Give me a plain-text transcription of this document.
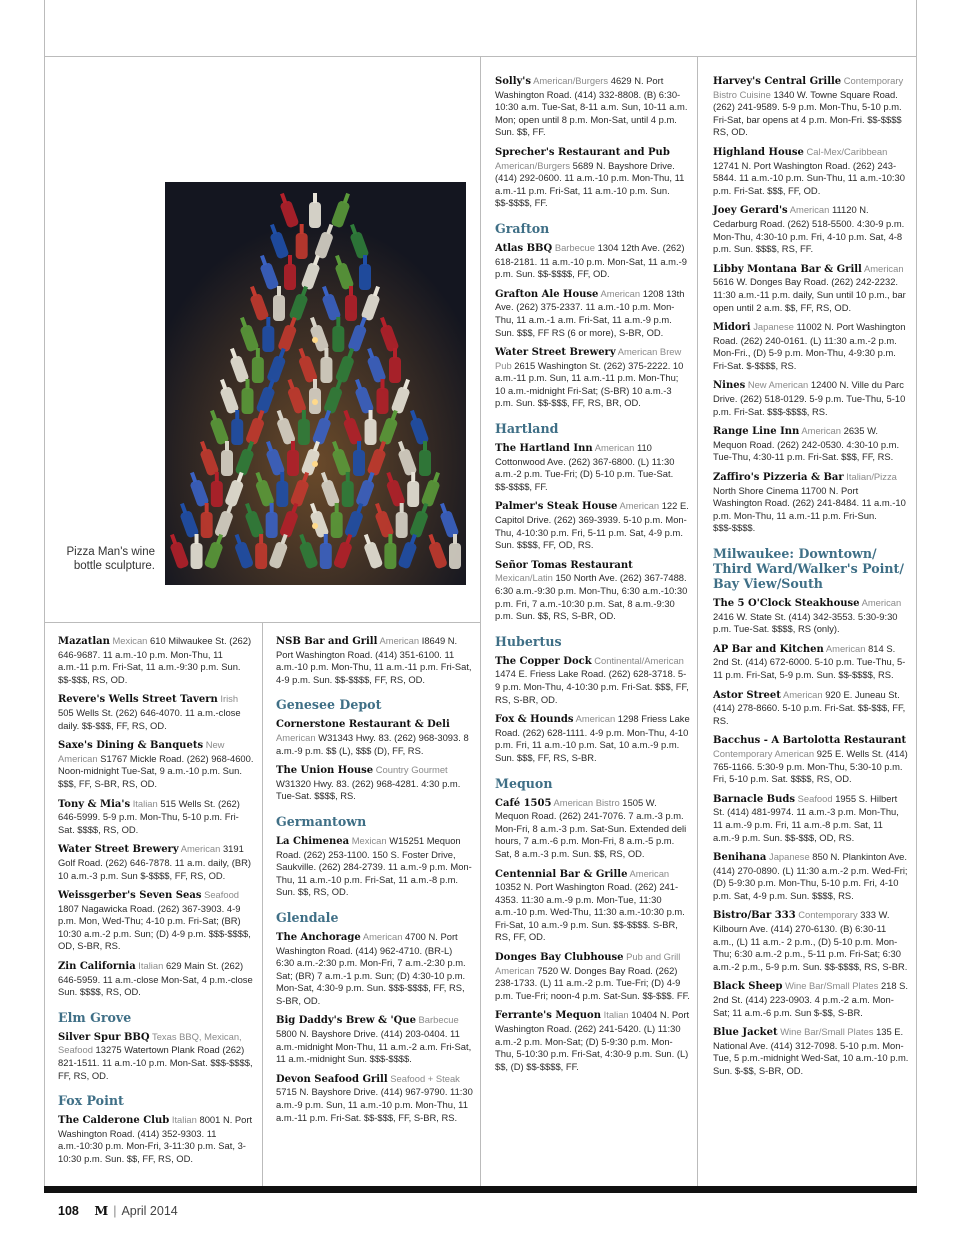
Pizza Man's wine bottle sculpture.
Mazatlan Mexican 610 Milwaukee St. (262) 646-9687. 11 a.m.-10 p.m. Mon-Thu, 11 a.m.-11 p.m. Fri-Sat, 11 a.m.-9:30 p.m. Sun. $$-$$$, RS, OD.
Revere's Wells Street Tavern Irish 505 Wells St. (262) 646-4070. 11 a.m.-close daily. $$-$$$, FF, RS, OD.
Saxe's Dining & Banquets New American S1767 Mickle Road. (262) 968-4600. Noon-midnight Tue-Sat, 9 a.m.-10 p.m. Sun. $$$, FF, S-BR, RS, OD.
Tony & Mia's Italian 515 Wells St. (262) 646-5999. 5-9 p.m. Mon-Thu, 5-10 p.m. Fri-Sat. $$$$, RS, OD.
Water Street Brewery American 3191 Golf Road. (262) 646-7878. 11 a.m. daily, (BR) 10 a.m.-3 p.m. Sun $-$$$$, FF, RS, OD.
Weissgerber's Seven Seas Seafood 1807 Nagawicka Road. (262) 367-3903. 4-9 p.m. Mon, Wed-Thu; 4-10 p.m. Fri-Sat; (BR) 10:30 a.m.-2 p.m. Sun; (D) 4-9 p.m. $$$-$$$$, OD, S-BR, RS.
Zin California Italian 629 Main St. (262) 646-5959. 11 a.m.-close Mon-Sat, 4 p.m.-close Sun. $$$$, RS, OD.
Elm Grove
Silver Spur BBQ Texas BBQ, Mexican, Seafood 13275 Watertown Plank Road (262) 821-1511. 11 a.m.-10 p.m. Mon-Sat. $$$-$$$$, FF, RS, OD.
Fox Point
The Calderone Club Italian 8001 N. Port Washington Road. (414) 352-9303. 11 a.m.-10:30 p.m. Mon-Fri, 3-11:30 p.m. Sat, 3-10:30 p.m. Sun. $$, FF, RS, OD.
NSB Bar and Grill American I8649 N. Port Washington Road. (414) 351-6100. 11 a.m.-10 p.m. Mon-Thu, 11 a.m.-11 p.m. Fri-Sat, 4-9 p.m. Sun. $$-$$$$, FF, RS, OD.
Genesee Depot
Cornerstone Restaurant & Deli American W31343 Hwy. 83. (262) 968-3093. 8 a.m.-9 p.m. $$ (L), $$$ (D), FF, RS.
The Union House Country Gourmet W31320 Hwy. 83. (262) 968-4281. 4:30 p.m. Tue-Sat. $$$$, RS.
Germantown
La Chimenea Mexican W15251 Mequon Road. (262) 253-1100. 150 S. Foster Drive, Saukville. (262) 284-2739. 11 a.m.-9 p.m. Mon-Thu, 11 a.m.-10 p.m. Fri-Sat, 11 a.m.-8 p.m. Sun. $$, RS, OD.
Glendale
The Anchorage American 4700 N. Port Washington Road. (414) 962-4710. (BR-L) 6:30 a.m.-2:30 p.m. Mon-Fri, 7 a.m.-2:30 p.m. Sat; (BR) 7 a.m.-1 p.m. Sun; (D) 4:30-10 p.m. Mon-Sat, 4:30-9 p.m. Sun. $$$-$$$$, FF, RS, S-BR, OD.
Big Daddy's Brew & 'Que Barbecue 5800 N. Bayshore Drive. (414) 203-0404. 11 a.m.-midnight Mon-Thu, 11 a.m.-2 a.m. Fri-Sat, 11 a.m.-midnight Sun. $$$-$$$$.
Devon Seafood Grill Seafood + Steak 5715 N. Bayshore Drive. (414) 967-9790. 11:30 a.m.-9 p.m. Sun, 11 a.m.-10 p.m. Mon-Thu, 11 a.m.-11 p.m. Fri-Sat. $$-$$$, FF, S-BR, RS.
Solly's American/Burgers 4629 N. Port Washington Road. (414) 332-8808. (B) 6:30-10:30 a.m. Tue-Sat, 8-11 a.m. Sun, 10-11 a.m. Mon; open until 8 p.m. Mon-Sat, until 4 p.m. Sun. $$, FF.
Sprecher's Restaurant and Pub American/Burgers 5689 N. Bayshore Drive. (414) 292-0600. 11 a.m.-10 p.m. Mon-Thu, 11 a.m.-11 p.m. Fri-Sat, 11 a.m.-10 p.m. Sun. $$-$$$$, FF.
Grafton
Atlas BBQ Barbecue 1304 12th Ave. (262) 618-2181. 11 a.m.-10 p.m. Mon-Sat, 11 a.m.-9 p.m. Sun. $$-$$$$, FF, OD.
Grafton Ale House American 1208 13th Ave. (262) 375-2337. 11 a.m.-10 p.m. Mon-Thu, 11 a.m.-1 a.m. Fri-Sat, 11 a.m.-9 p.m. Sun. $$$, FF RS (6 or more), S-BR, OD.
Water Street Brewery American Brew Pub 2615 Washington St. (262) 375-2222. 10 a.m.-11 p.m. Sun, 11 a.m.-11 p.m. Mon-Thu; 10 a.m.-midnight Fri-Sat; (S-BR) 10 a.m.-3 p.m. Sun. $$-$$$, FF, RS, BR, OD.
Hartland
The Hartland Inn American 110 Cottonwood Ave. (262) 367-6800. (L) 11:30 a.m.-2 p.m. Tue-Fri; (D) 5-10 p.m. Tue-Sat. $$-$$$$, FF.
Palmer's Steak House American 122 E. Capitol Drive. (262) 369-3939. 5-10 p.m. Mon-Thu, 4-10:30 p.m. Fri, 5-11 p.m. Sat, 4-9 p.m. Sun. $$$$, FF, OD, RS.
Señor Tomas Restaurant Mexican/Latin 150 North Ave. (262) 367-7488. 6:30 a.m.-9:30 p.m. Mon-Thu, 6:30 a.m.-10:30 p.m. Fri, 7 a.m.-10:30 p.m. Sat, 8 a.m.-9:30 p.m. Sun. $$, RS, S-BR, OD.
Hubertus
The Copper Dock Continental/American 1474 E. Friess Lake Road. (262) 628-3718. 5-9 p.m. Mon-Thu, 4-10:30 p.m. Fri-Sat. $$$, FF, RS, S-BR, OD.
Fox & Hounds American 1298 Friess Lake Road. (262) 628-1111. 4-9 p.m. Mon-Thu, 4-10 p.m. Fri, 11 a.m.-10 p.m. Sat, 10 a.m.-9 p.m. Sun. $$$, FF, RS, S-BR.
Mequon
Café 1505 American Bistro 1505 W. Mequon Road. (262) 241-7076. 7 a.m.-3 p.m. Mon-Fri, 8 a.m.-3 p.m. Sat-Sun. Extended deli hours, 7 a.m.-6 p.m. Mon-Fri, 8 a.m.-5 p.m. Sat, 8 a.m.-3 p.m. Sun. $$, RS, OD.
Centennial Bar & Grille American 10352 N. Port Washington Road. (262) 241-4353. 11:30 a.m.-9 p.m. Mon-Tue, 11:30 a.m.-10 p.m. Wed-Thu, 11:30 a.m.-10:30 p.m. Fri-Sat, 10 a.m.-9 p.m. Sun. $$-$$$$. S-BR, RS, FF, OD.
Donges Bay Clubhouse Pub and Grill American 7520 W. Donges Bay Road. (262) 238-1733. (L) 11 a.m.-2 p.m. Tue-Fri; (D) 4-9 p.m. Tue-Fri; noon-4 p.m. Sat-Sun. $$-$$$. FF.
Ferrante's Mequon Italian 10404 N. Port Washington Road. (262) 241-5420. (L) 11:30 a.m.-2 p.m. Mon-Sat; (D) 5-9:30 p.m. Mon-Thu, 5-10:30 p.m. Fri-Sat, 4:30-9 p.m. Sun. (L) $$, (D) $$-$$$$, FF.
Harvey's Central Grille Contemporary Bistro Cuisine 1340 W. Towne Square Road. (262) 241-9589. 5-9 p.m. Mon-Thu, 5-10 p.m. Fri-Sat, bar opens at 4 p.m. Mon-Fri. $$-$$$$ RS, OD.
Highland House Cal-Mex/Caribbean 12741 N. Port Washington Road. (262) 243-5844. 11 a.m.-10 p.m. Sun-Thu, 11 a.m.-10:30 p.m. Fri-Sat. $$$, FF, OD.
Joey Gerard's American 11120 N. Cedarburg Road. (262) 518-5500. 4:30-9 p.m. Mon-Thu, 4:30-10 p.m. Fri, 4-10 p.m. Sat, 4-8 p.m. Sun. $$$$, RS, FF.
Libby Montana Bar & Grill American 5616 W. Donges Bay Road. (262) 242-2232. 11:30 a.m.-11 p.m. daily, Sun until 10 p.m., bar open until 2 a.m. $$, FF, RS, OD.
Midori Japanese 11002 N. Port Washington Road. (262) 240-0161. (L) 11:30 a.m.-2 p.m. Mon-Fri., (D) 5-9 p.m. Mon-Thu, 4-9:30 p.m. Fri-Sat. $-$$$$, RS.
Nines New American 12400 N. Ville du Parc Drive. (262) 518-0129. 5-9 p.m. Tue-Thu, 5-10 p.m. Fri-Sat. $$$-$$$$, RS.
Range Line Inn American 2635 W. Mequon Road. (262) 242-0530. 4:30-10 p.m. Tue-Thu, 4:30-11 p.m. Fri-Sat. $$$, FF, RS.
Zaffiro's Pizzeria & Bar Italian/Pizza North Shore Cinema 11700 N. Port Washington Road. (262) 241-8484. 11 a.m.-10 p.m. Mon-Thu, 11 a.m.-11 p.m. Fri-Sun. $$$-$$$$.
Milwaukee: Downtown/ Third Ward/Walker's Point/ Bay View/South
The 5 O'Clock Steakhouse American 2416 W. State St. (414) 342-3553. 5:30-9:30 p.m. Tue-Sat. $$$$, RS (only).
AP Bar and Kitchen American 814 S. 2nd St. (414) 672-6000. 5-10 p.m. Tue-Thu, 5-11 p.m. Fri-Sat, 5-9 p.m. Sun. $$-$$$$, RS.
Astor Street American 920 E. Juneau St. (414) 278-8660. 5-10 p.m. Fri-Sat. $$-$$$, FF, RS.
Bacchus - A Bartolotta Restaurant Contemporary American 925 E. Wells St. (414) 765-1166. 5:30-9 p.m. Mon-Thu, 5:30-10 p.m. Fri, 5-10 p.m. Sat. $$$$, RS, OD.
Barnacle Buds Seafood 1955 S. Hilbert St. (414) 481-9974. 11 a.m.-3 p.m. Mon-Thu, 11 a.m.-9 p.m. Fri, 11 a.m.-8 p.m. Sat, 11 a.m.-9 p.m. Sun. $$-$$$, OD, RS.
Benihana Japanese 850 N. Plankinton Ave. (414) 270-0890. (L) 11:30 a.m.-2 p.m. Wed-Fri; (D) 5-9:30 p.m. Mon-Thu, 5-10 p.m. Fri, 4-10 p.m. Sat, 4-9 p.m. Sun. $$$$, RS.
Bistro/Bar 333 Contemporary 333 W. Kilbourn Ave. (414) 270-6130. (B) 6:30-11 a.m., (L) 11 a.m.- 2 p.m., (D) 5-10 p.m. Mon-Thu; 6:30 a.m.-2 p.m., 5-11 p.m. Fri-Sat; 6:30 a.m.-2 p.m., 5-9 p.m. Sun. $$-$$$$, RS, S-BR.
Black Sheep Wine Bar/Small Plates 218 S. 2nd St. (414) 223-0903. 4 p.m.-2 a.m. Mon-Sat; 11 a.m.-6 p.m. Sun $-$$, S-BR.
Blue Jacket Wine Bar/Small Plates 135 E. National Ave. (414) 312-7098. 5-10 p.m. Mon-Tue, 5 p.m.-midnight Wed-Sat, 10 a.m.-10 p.m. Sun. $-$$, S-BR, OD.
108 M | April 2014
